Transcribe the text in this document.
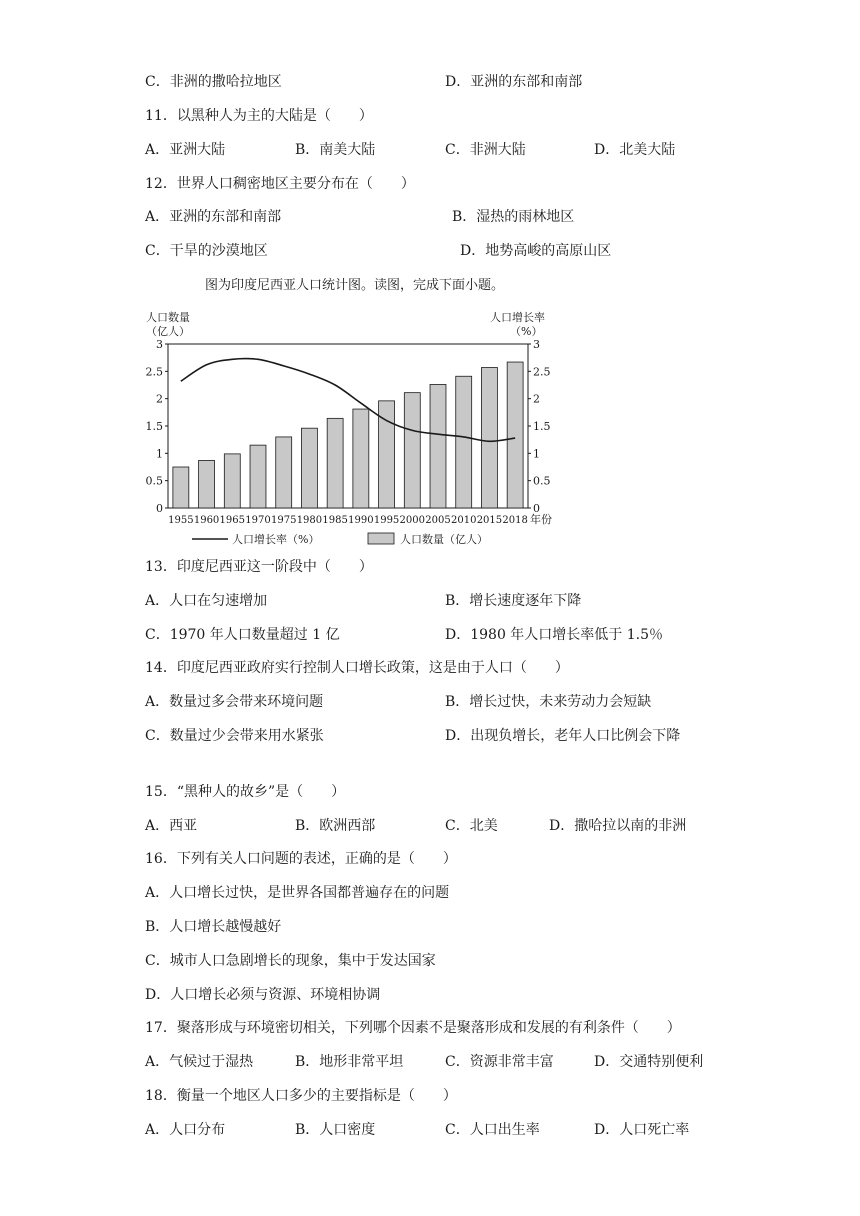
C．非洲的撒哈拉地区	D．亚洲的东部和南部
11．以黑种人为主的大陆是（　　）
A．亚洲大陆	B．南美大陆	C．非洲大陆	D．北美大陆
12．世界人口稠密地区主要分布在（　　）
A．亚洲的东部和南部	B．湿热的雨林地区
C．干旱的沙漠地区	D．地势高峻的高原山区
图为印度尼西亚人口统计图。读图，完成下面小题。
人口数量
（亿人）
人口增长率
（%）
0	0
0.5	0.5
1	1
1.5	1.5
2	2
2.5	2.5
3	3
1955 1960 1965 1970 1975 1980 1985 1990 1995 2000 2005 2010 2015 2018 年份
人口增长率（%）	人口数量（亿人）
13．印度尼西亚这一阶段中（　　）
A．人口在匀速增加	B．增长速度逐年下降
C．1970 年人口数量超过 1 亿	D．1980 年人口增长率低于 1.5％
14．印度尼西亚政府实行控制人口增长政策，这是由于人口（　　）
A．数量过多会带来环境问题	B．增长过快，未来劳动力会短缺
C．数量过少会带来用水紧张	D．出现负增长，老年人口比例会下降
15．“黑种人的故乡”是（　　）
A．西亚	B．欧洲西部	C．北美	D．撒哈拉以南的非洲
16．下列有关人口问题的表述，正确的是（　　）
A．人口增长过快，是世界各国都普遍存在的问题
B．人口增长越慢越好
C．城市人口急剧增长的现象，集中于发达国家
D．人口增长必须与资源、环境相协调
17．聚落形成与环境密切相关，下列哪个因素不是聚落形成和发展的有利条件（　　）
A．气候过于湿热	B．地形非常平坦	C．资源非常丰富	D．交通特别便利
18．衡量一个地区人口多少的主要指标是（　　）
A．人口分布	B．人口密度	C．人口出生率	D．人口死亡率
